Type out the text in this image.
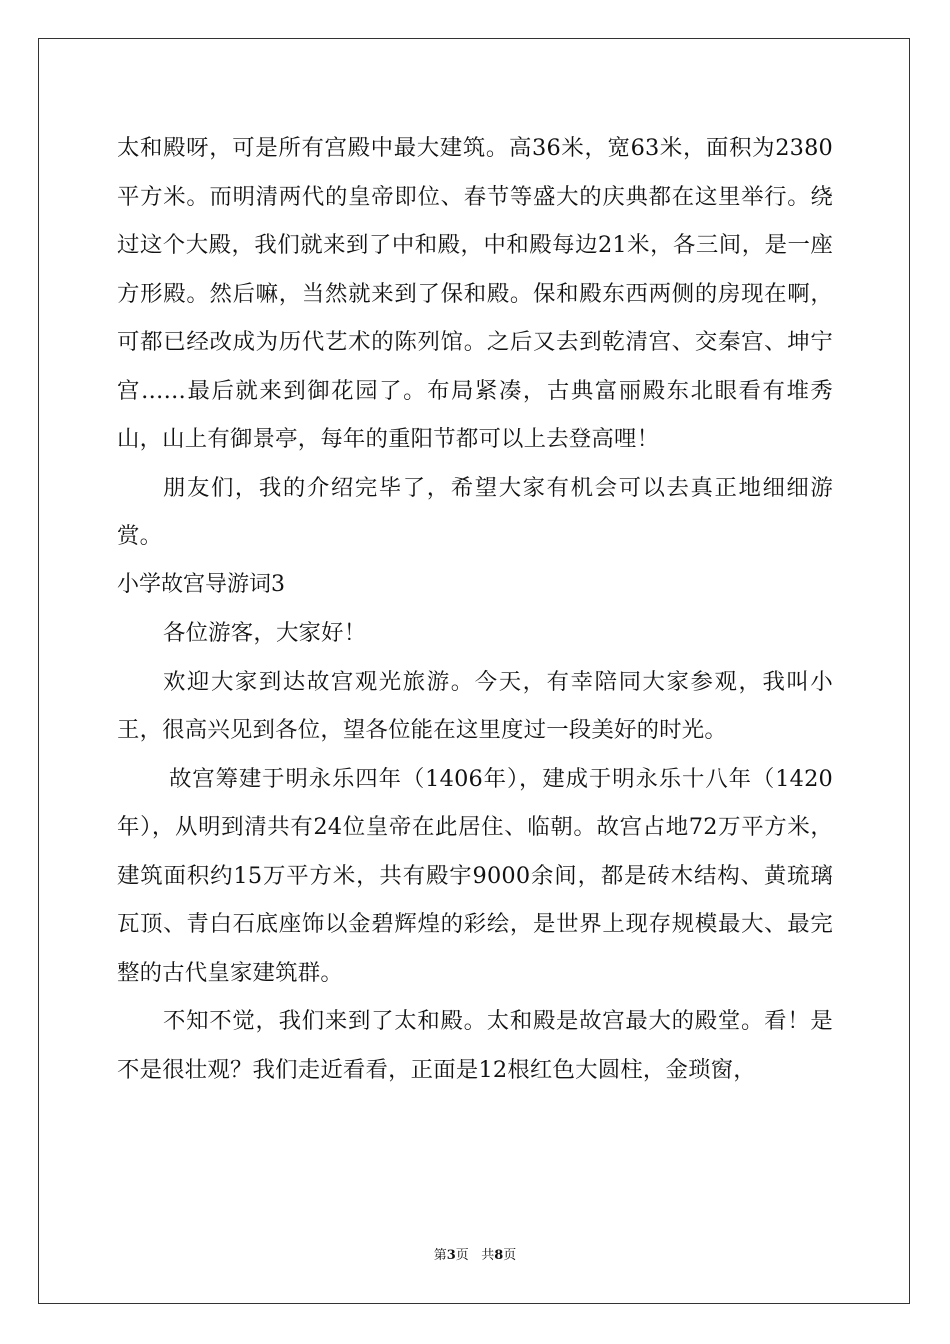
太和殿呀，可是所有宫殿中最大建筑。高36米，宽63米，面积为2380平方米。而明清两代的皇帝即位、春节等盛大的庆典都在这里举行。绕过这个大殿，我们就来到了中和殿，中和殿每边21米，各三间，是一座方形殿。然后嘛，当然就来到了保和殿。保和殿东西两侧的房现在啊，可都已经改成为历代艺术的陈列馆。之后又去到乾清宫、交秦宫、坤宁宫……最后就来到御花园了。布局紧凑，古典富丽殿东北眼看有堆秀山，山上有御景亭，每年的重阳节都可以上去登高哩！

朋友们，我的介绍完毕了，希望大家有机会可以去真正地细细游赏。

小学故宫导游词3

各位游客，大家好！

欢迎大家到达故宫观光旅游。今天，有幸陪同大家参观，我叫小王，很高兴见到各位，望各位能在这里度过一段美好的时光。

故宫筹建于明永乐四年（1406年），建成于明永乐十八年（1420年），从明到清共有24位皇帝在此居住、临朝。故宫占地72万平方米，建筑面积约15万平方米，共有殿宇9000余间，都是砖木结构、黄琉璃瓦顶、青白石底座饰以金碧辉煌的彩绘，是世界上现存规模最大、最完整的古代皇家建筑群。

不知不觉，我们来到了太和殿。太和殿是故宫最大的殿堂。看！是不是很壮观？我们走近看看，正面是12根红色大圆柱，金琐窗，

第3页 共8页
